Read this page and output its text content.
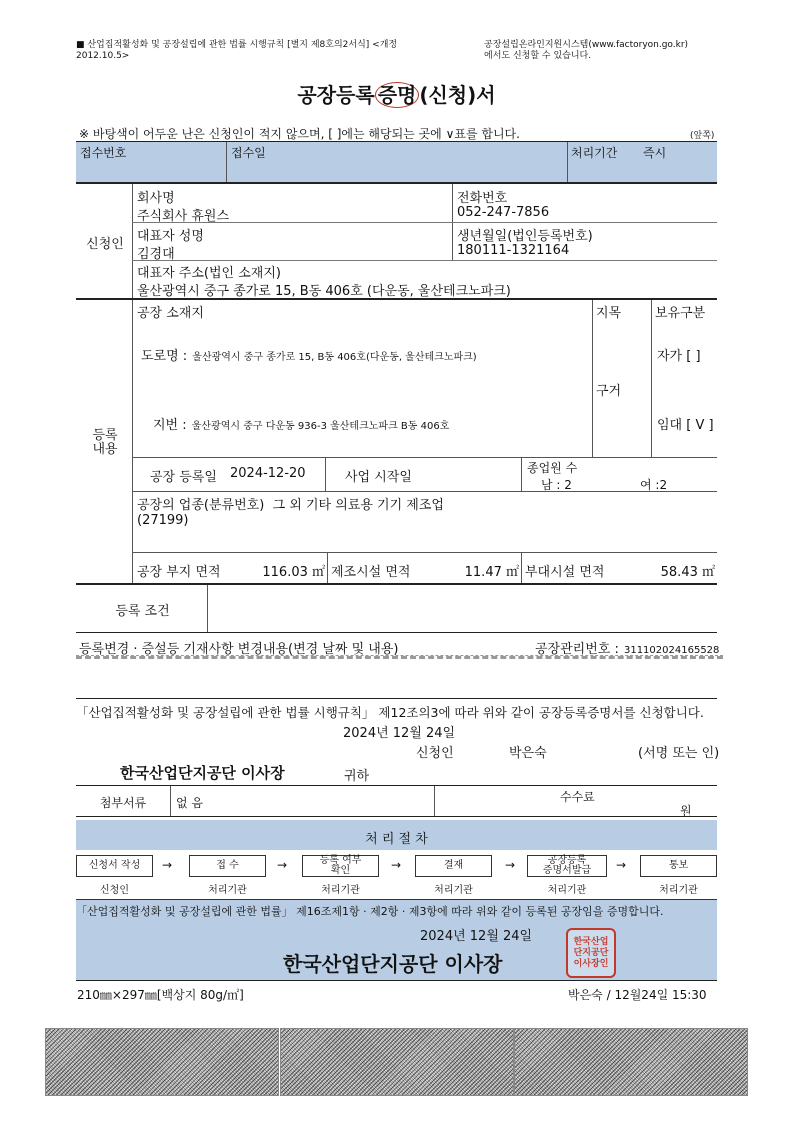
■ 산업집적활성화 및 공장설립에 관한 법률 시행규칙 [별지 제8호의2서식] <개정
2012.10.5>
공장설립온라인지원시스템(www.factoryon.go.kr)
에서도 신청할 수 있습니다.
공장등록 증명 (신청)서
※ 바탕색이 어두운 난은 신청인이 적지 않으며, [ ]에는 해당되는 곳에 ∨표를 합니다.	(앞쪽)
접수번호	접수일	처리기간 즉시
신청인
회사명
주식회사 휴원스
전화번호
052-247-7856
대표자 성명
김경대
생년월일(법인등록번호)
180111-1321164
대표자 주소(법인 소재지)
울산광역시 중구 종가로 15, B동 406호 (다운동, 울산테크노파크)
등록
내용
공장 소재지	지목	보유구분
도로명 : 울산광역시 중구 종가로 15, B동 406호(다운동, 울산테크노파크)	자가 [ ]
구거
지번 : 울산광역시 중구 다운동 936-3 울산테크노파크 B동 406호	임대 [ V ]
공장 등록일 2024-12-20	사업 시작일
종업원 수
남 : 2	여 :2
공장의 업종(분류번호) 그 외 기타 의료용 기기 제조업
(27199)
공장 부지 면적	116.03 ㎡ 제조시설 면적	11.47 ㎡ 부대시설 면적	58.43 ㎡
등록 조건
등록변경 · 증설등 기재사항 변경내용(변경 날짜 및 내용)	공장관리번호 : 311102024165528
「산업집적활성화 및 공장설립에 관한 법률 시행규칙」 제12조의3에 따라 위와 같이 공장등록증명서를 신청합니다.
2024년 12월 24일
신청인	박은숙	(서명 또는 인)
한국산업단지공단 이사장	귀하
첨부서류	없 음	수수료
원
처 리 절 차
신청서 작성 →	접 수	→	등록 여부
확인	→	결재	→	공장등록
증명서발급 →	통보
신청인	처리기관	처리기관	처리기관	처리기관	처리기관
「산업집적활성화 및 공장설립에 관한 법률」 제16조제1항 · 제2항 · 제3항에 따라 위와 같이 등록된 공장임을 증명합니다.
2024년 12월 24일
한국산업단지공단 이사장
한국산업단지공단이사장인
210㎜×297㎜[백상지 80g/㎡]	박은숙 / 12월24일 15:30
